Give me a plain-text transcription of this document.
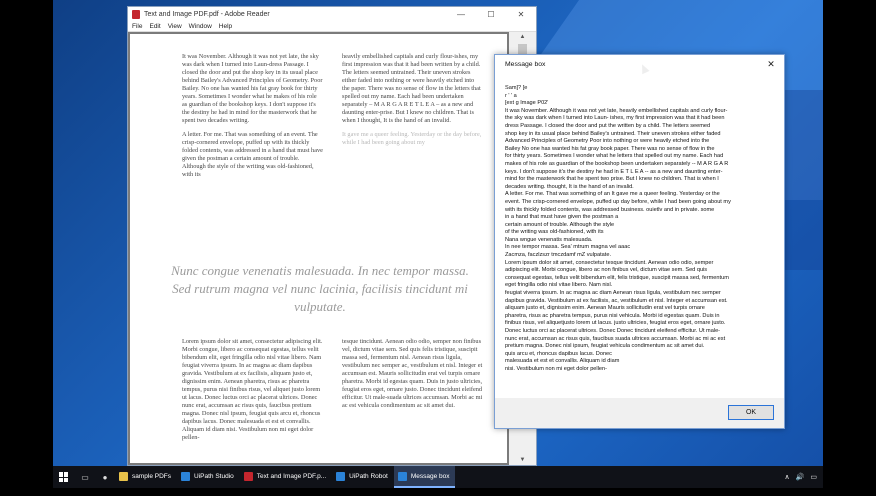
Text and Image PDF.pdf - Adobe Reader	—	☐	✕
File Edit View Window Help

It was November. Although it was not yet late, the sky was dark when I turned into Laun-dress Passage. I closed the door and put the shop key in its usual place behind Bailey's Advanced Principles of Geometry. Poor Bailey. No one has wanted his fat gray book for thirty years. Sometimes I wonder what he makes of his role as guardian of the bookshop keys. I don't suppose it's the destiny he had in mind for the masterwork that he spent two decades writing.

A letter. For me. That was something of an event. The crisp-cornered envelope, puffed up with its thickly folded contents, was addressed in a hand that must have given the postman a certain amount of trouble. Although the style of the writing was old-fashioned, with its

heavily embellished capitals and curly flour-ishes, my first impression was that it had been written by a child. The letters seemed untrained. Their uneven strokes either faded into nothing or were heavily etched into the paper. There was no sense of flow in the letters that spelled out my name. Each had been undertaken separately – M A R G A R E T L E A – as a new and daunting enter-prise. But I knew no children. That is when I thought, It is the hand of an invalid.

It gave me a queer feeling. Yesterday or the day before, while I had been going about my

Nunc congue venenatis malesuada. In nec tempor massa. Sed rutrum magna vel nunc lacinia, facilisis tincidunt mi vulputate.

Lorem ipsum dolor sit amet, consectetur adipiscing elit. Morbi congue, libero ac consequat egestas, tellus velit bibendum elit, eget fringilla odio nisl vitae libero. Nam feugiat viverra ipsum. In ac magna ac diam dapibus gravida. Vestibulum at ex facilisis, aliquam justo et, dignissim enim. Aenean pharetra, risus ac pharetra tempus, purus nisi finibus risus, vel aliquet justo lorem ut lacus. Donec luctus orci ac placerat ultrices. Donec nunc erat, accumsan ac risus quis, faucibus pretium magna. Donec nisl ipsum, feugiat quis arcu et, rhoncus dapibus lacus. Donec malesuada et est et convallis. Aliquam id diam nisi. Vestibulum non mi eget dolor pellen-

tesque tincidunt. Aenean odio odio, semper non finibus vel, dictum vitae sem. Sed quis felis tristique, suscipit massa sed, fermentum nisl. Aenean risus ligula, vestibulum nec semper ac, vestibulum et nisl. Integer et accumsan est. Mauris sollicitudin erat vel turpis ornare pharetra. Morbi id egestas quam. Duis in justo ultricies, feugiat eros eget, ornare justo. Donec tincidunt eleifend efficitur. Ut male-suada ultrices accumsan. Morbi ac mi ac est vehicula condimentum ac sit amet dui.

▲
▼
Message box	✕
Sam]? [e
r ' ' a
[ext g Image P02'
It was November. Although it was not yet late, heavily embellished capitals and curly flour-
the sky was dark when I turned into Laun- ishes, my first impression was that it had been
dress Passage. I closed the door and put the written by a child. The letters seemed
shop key in its usual place behind Bailey's untrained. Their uneven strokes either faded
Advanced Principles of Geometry Poor into nothing or were heavily etched into the
Bailey No one has wanted his fat gray book paper. There was no sense of flow in the
for thirty years. Sometimes I wonder what he letters that spelled out my name. Each had
makes of his role as guardian of the bookshop been undertaken separately -- M A R G A R
keys. I don't suppose it's the destiny he had in E T L E A -- as a new and daunting enter-
mind for the masterwork that he spent two prise. But I knew no children. That is when I
decades writing. thought, It is the hand of an invalid.
A letter. For me. That was something of an It gave me a queer feeling. Yesterday or the
event. The crisp-cornered envelope, puffed up day before, while I had been going about my
with its thickly folded contents, was addressed business. ouietlv and in private. some
in a hand that must have given the postman a
certain amount of trouble. Although the style
of the writing was old-fashioned, with its
Nana wngue venenatis malesuada.
In nee tempor massa. Sea' mtrum magna vel aaac
Zacmza, faczlzszr tmczdamf mZ vulpatate.
Lorem ipsum dolor sit amet, consectetur tesque tincidunt. Aenean odio odio, semper
adipiscing elit. Morbi congue, libero ac non finibus vel, dictum vitae sem. Sed quis
consequat egestas, tellus velit bibendum elit, felis tristique, suscipit massa sed, fermentum
eget fringilla odio nisl vitae libero. Nam nisl.
feugiat viverra ipsum. In ac magna ac diam Aenean risus ligula, vestibulum nec semper
dapibus gravida. Vestibulum at ex facilisis, ac, vestibulum et nisl. Integer et accumsan est.
aliquam justo et, dignissim enim. Aenean Mauris sollicitudin erat vel turpis ornare
pharetra, risus ac pharetra tempus, purus nisi vehicula. Morbi id egestas quam. Duis in
finibus risus, vel aliquetjusto lorem ut lacus. justo ultricies, feugiat eros eget, ornare justo.
Donec luctus orci ac placerat ultrices. Donec Donec tincidunt eleifend efficitur. Ut male-
nunc erat, accumsan ac risus quis, faucibus suada ultrices accumsan. Morbi ac mi ac est
pretium magna. Donec nisl ipsum, feugiat vehicula condimentum ac sit amet dui.
quis arcu et, rhoncus dapibus lacus. Donec
malesuada et est et convallis. Aliquam id diam
nisi. Vestibulum non mi eget dolor pellen-
OK
▭	●	sample PDFs	UiPath Studio	Text and Image PDF.p...	UiPath Robot	Message box	∧ 🔊 ▭
